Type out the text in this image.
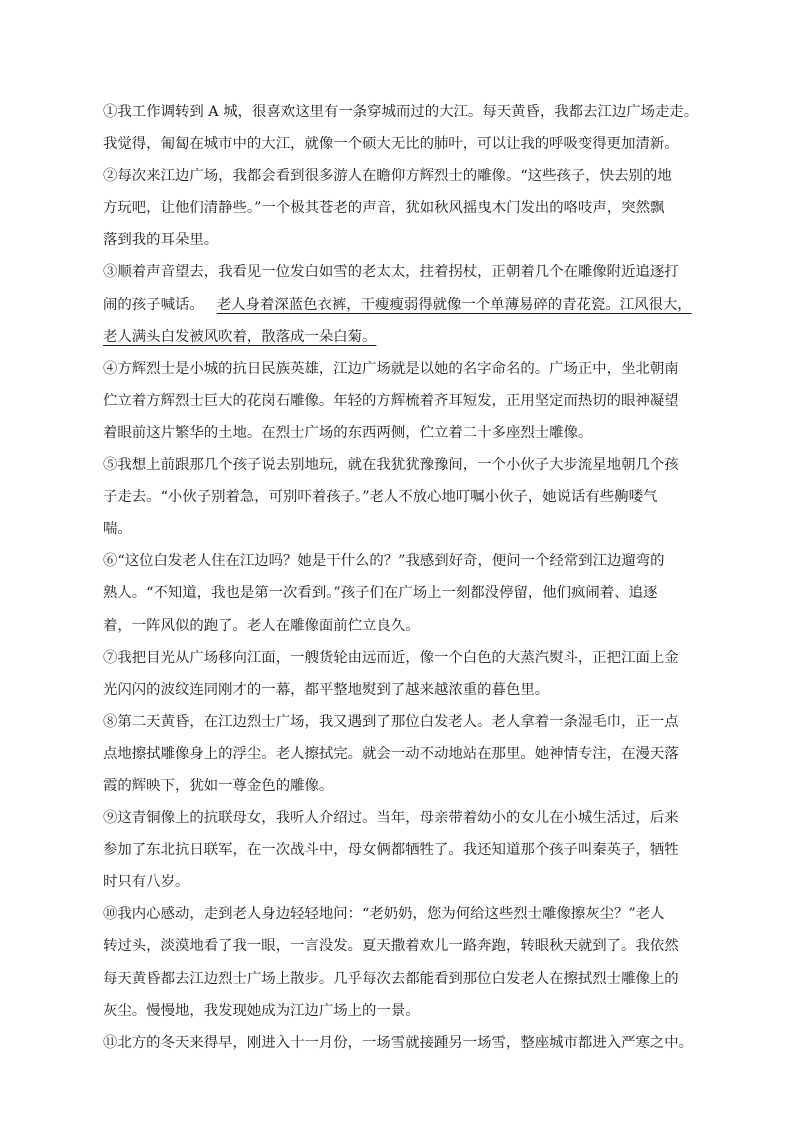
①我工作调转到 A 城，很喜欢这里有一条穿城而过的大江。每天黄昏，我都去江边广场走走。
我觉得，匍匐在城市中的大江，就像一个硕大无比的肺叶，可以让我的呼吸变得更加清新。
②每次来江边广场，我都会看到很多游人在瞻仰方辉烈士的雕像。“这些孩子，快去别的地
方玩吧，让他们清静些。”一个极其苍老的声音，犹如秋风摇曳木门发出的咯吱声，突然飘
落到我的耳朵里。
③顺着声音望去，我看见一位发白如雪的老太太，拄着拐杖，正朝着几个在雕像附近追逐打
闹的孩子喊话。 老人身着深蓝色衣裤，干瘦瘦弱得就像一个单薄易碎的青花瓷。江风很大，
老人满头白发被风吹着，散落成一朵白菊。
④方辉烈士是小城的抗日民族英雄，江边广场就是以她的名字命名的。广场正中，坐北朝南
伫立着方辉烈士巨大的花岗石雕像。年轻的方辉梳着齐耳短发，正用坚定而热切的眼神凝望
着眼前这片繁华的土地。在烈士广场的东西两侧，伫立着二十多座烈士雕像。
⑤我想上前跟那几个孩子说去别地玩，就在我犹犹豫豫间，一个小伙子大步流星地朝几个孩
子走去。“小伙子别着急，可别吓着孩子。”老人不放心地叮嘱小伙子，她说话有些齁喽气
喘。
⑥“这位白发老人住在江边吗？她是干什么的？”我感到好奇，便问一个经常到江边遛弯的
熟人。“不知道，我也是第一次看到。”孩子们在广场上一刻都没停留，他们疯闹着、追逐
着，一阵风似的跑了。老人在雕像面前伫立良久。
⑦我把目光从广场移向江面，一艘货轮由远而近，像一个白色的大蒸汽熨斗，正把江面上金
光闪闪的波纹连同刚才的一幕，都平整地熨到了越来越浓重的暮色里。
⑧第二天黄昏，在江边烈士广场，我又遇到了那位白发老人。老人拿着一条湿毛巾，正一点
点地擦拭雕像身上的浮尘。老人擦拭完。就会一动不动地站在那里。她神情专注，在漫天落
霞的辉映下，犹如一尊金色的雕像。
⑨这青铜像上的抗联母女，我听人介绍过。当年，母亲带着幼小的女儿在小城生活过，后来
参加了东北抗日联军，在一次战斗中，母女俩都牺牲了。我还知道那个孩子叫秦英子，牺牲
时只有八岁。
⑩我内心感动，走到老人身边轻轻地问：“老奶奶，您为何给这些烈士雕像擦灰尘？”老人
转过头，淡漠地看了我一眼，一言没发。夏天撒着欢儿一路奔跑，转眼秋天就到了。我依然
每天黄昏都去江边烈士广场上散步。几乎每次去都能看到那位白发老人在擦拭烈士雕像上的
灰尘。慢慢地，我发现她成为江边广场上的一景。
⑪北方的冬天来得早，刚进入十一月份，一场雪就接踵另一场雪，整座城市都进入严寒之中。
